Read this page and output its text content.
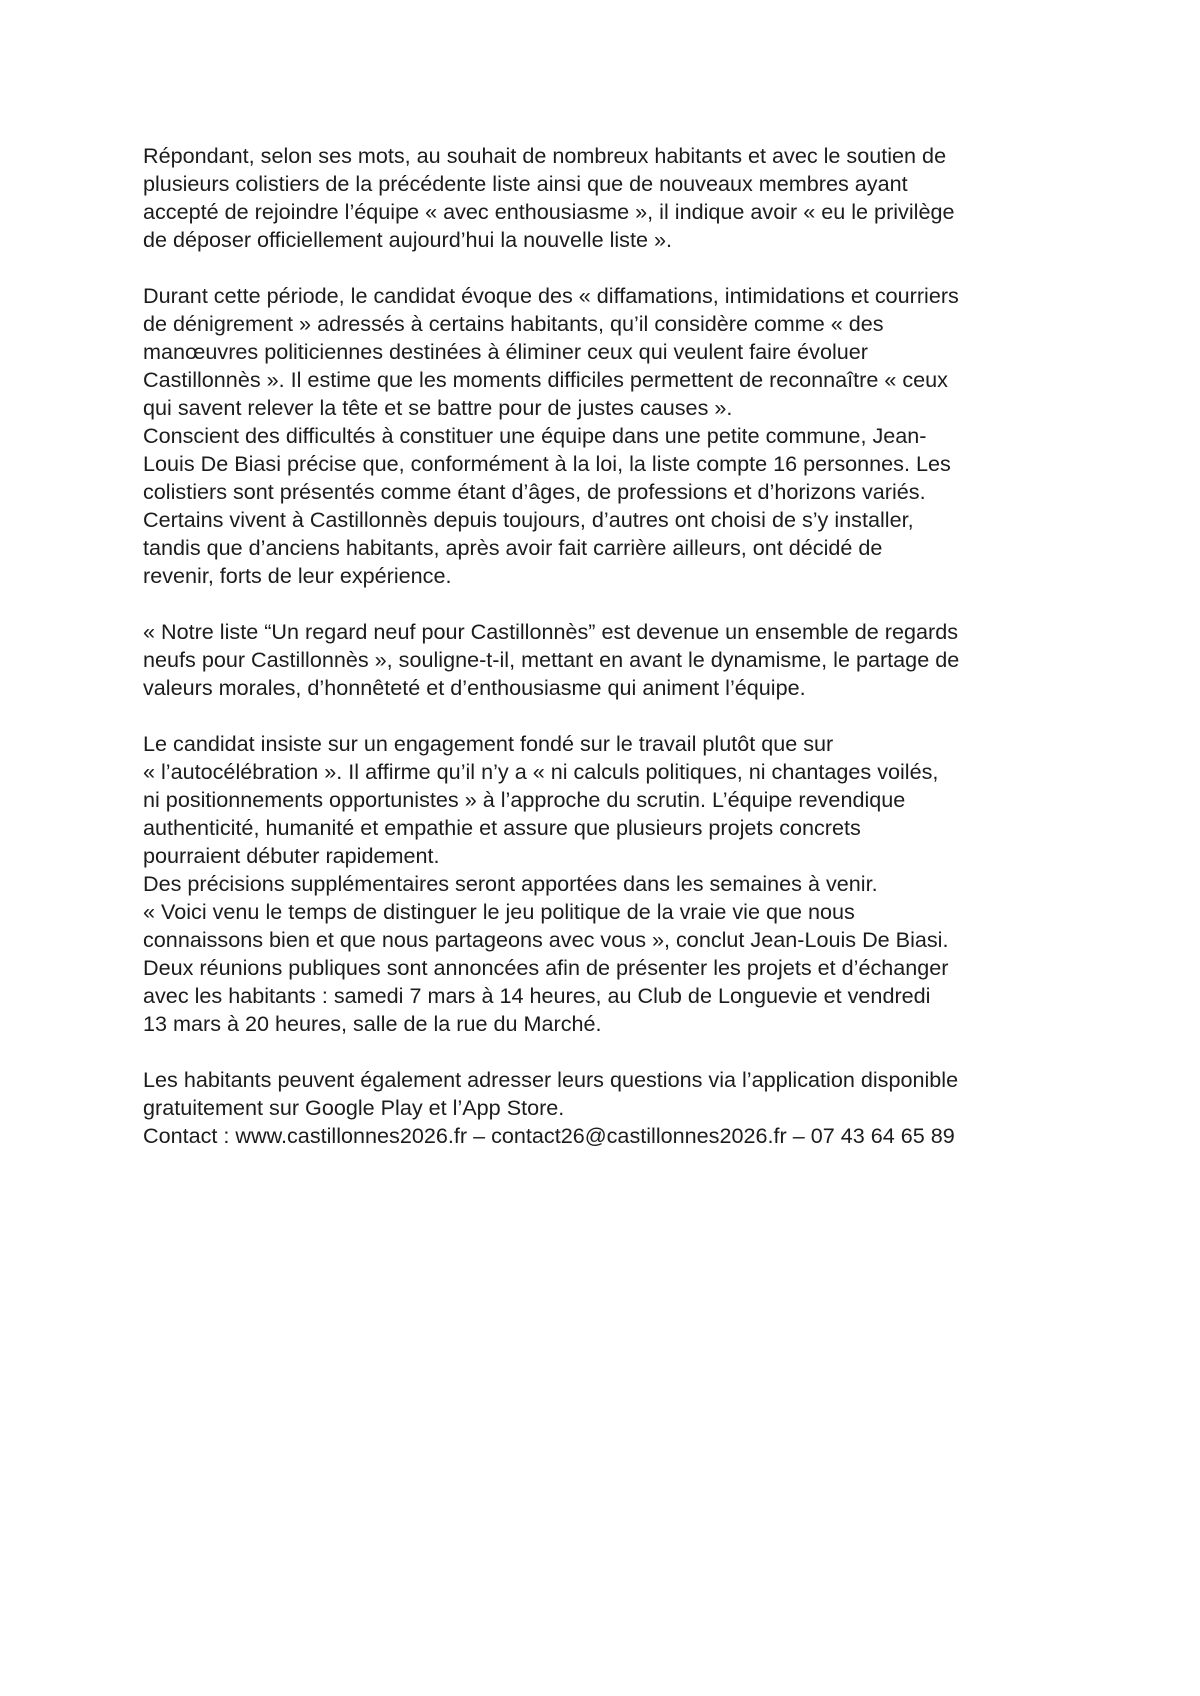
Répondant, selon ses mots, au souhait de nombreux habitants et avec le soutien de
plusieurs colistiers de la précédente liste ainsi que de nouveaux membres ayant
accepté de rejoindre l’équipe « avec enthousiasme », il indique avoir « eu le privilège
de déposer officiellement aujourd’hui la nouvelle liste ».

Durant cette période, le candidat évoque des « diffamations, intimidations et courriers
de dénigrement » adressés à certains habitants, qu’il considère comme « des
manœuvres politiciennes destinées à éliminer ceux qui veulent faire évoluer
Castillonnès ». Il estime que les moments difficiles permettent de reconnaître « ceux
qui savent relever la tête et se battre pour de justes causes ».
Conscient des difficultés à constituer une équipe dans une petite commune, Jean-
Louis De Biasi précise que, conformément à la loi, la liste compte 16 personnes. Les
colistiers sont présentés comme étant d’âges, de professions et d’horizons variés.
Certains vivent à Castillonnès depuis toujours, d’autres ont choisi de s’y installer,
tandis que d’anciens habitants, après avoir fait carrière ailleurs, ont décidé de
revenir, forts de leur expérience.

« Notre liste “Un regard neuf pour Castillonnès” est devenue un ensemble de regards
neufs pour Castillonnès », souligne-t-il, mettant en avant le dynamisme, le partage de
valeurs morales, d’honnêteté et d’enthousiasme qui animent l’équipe.

Le candidat insiste sur un engagement fondé sur le travail plutôt que sur
« l’autocélébration ». Il affirme qu’il n’y a « ni calculs politiques, ni chantages voilés,
ni positionnements opportunistes » à l’approche du scrutin. L’équipe revendique
authenticité, humanité et empathie et assure que plusieurs projets concrets
pourraient débuter rapidement.
Des précisions supplémentaires seront apportées dans les semaines à venir.
« Voici venu le temps de distinguer le jeu politique de la vraie vie que nous
connaissons bien et que nous partageons avec vous », conclut Jean-Louis De Biasi.
Deux réunions publiques sont annoncées afin de présenter les projets et d’échanger
avec les habitants : samedi 7 mars à 14 heures, au Club de Longuevie et vendredi
13 mars à 20 heures, salle de la rue du Marché.

Les habitants peuvent également adresser leurs questions via l’application disponible
gratuitement sur Google Play et l’App Store.
Contact : www.castillonnes2026.fr – contact26@castillonnes2026.fr – 07 43 64 65 89
